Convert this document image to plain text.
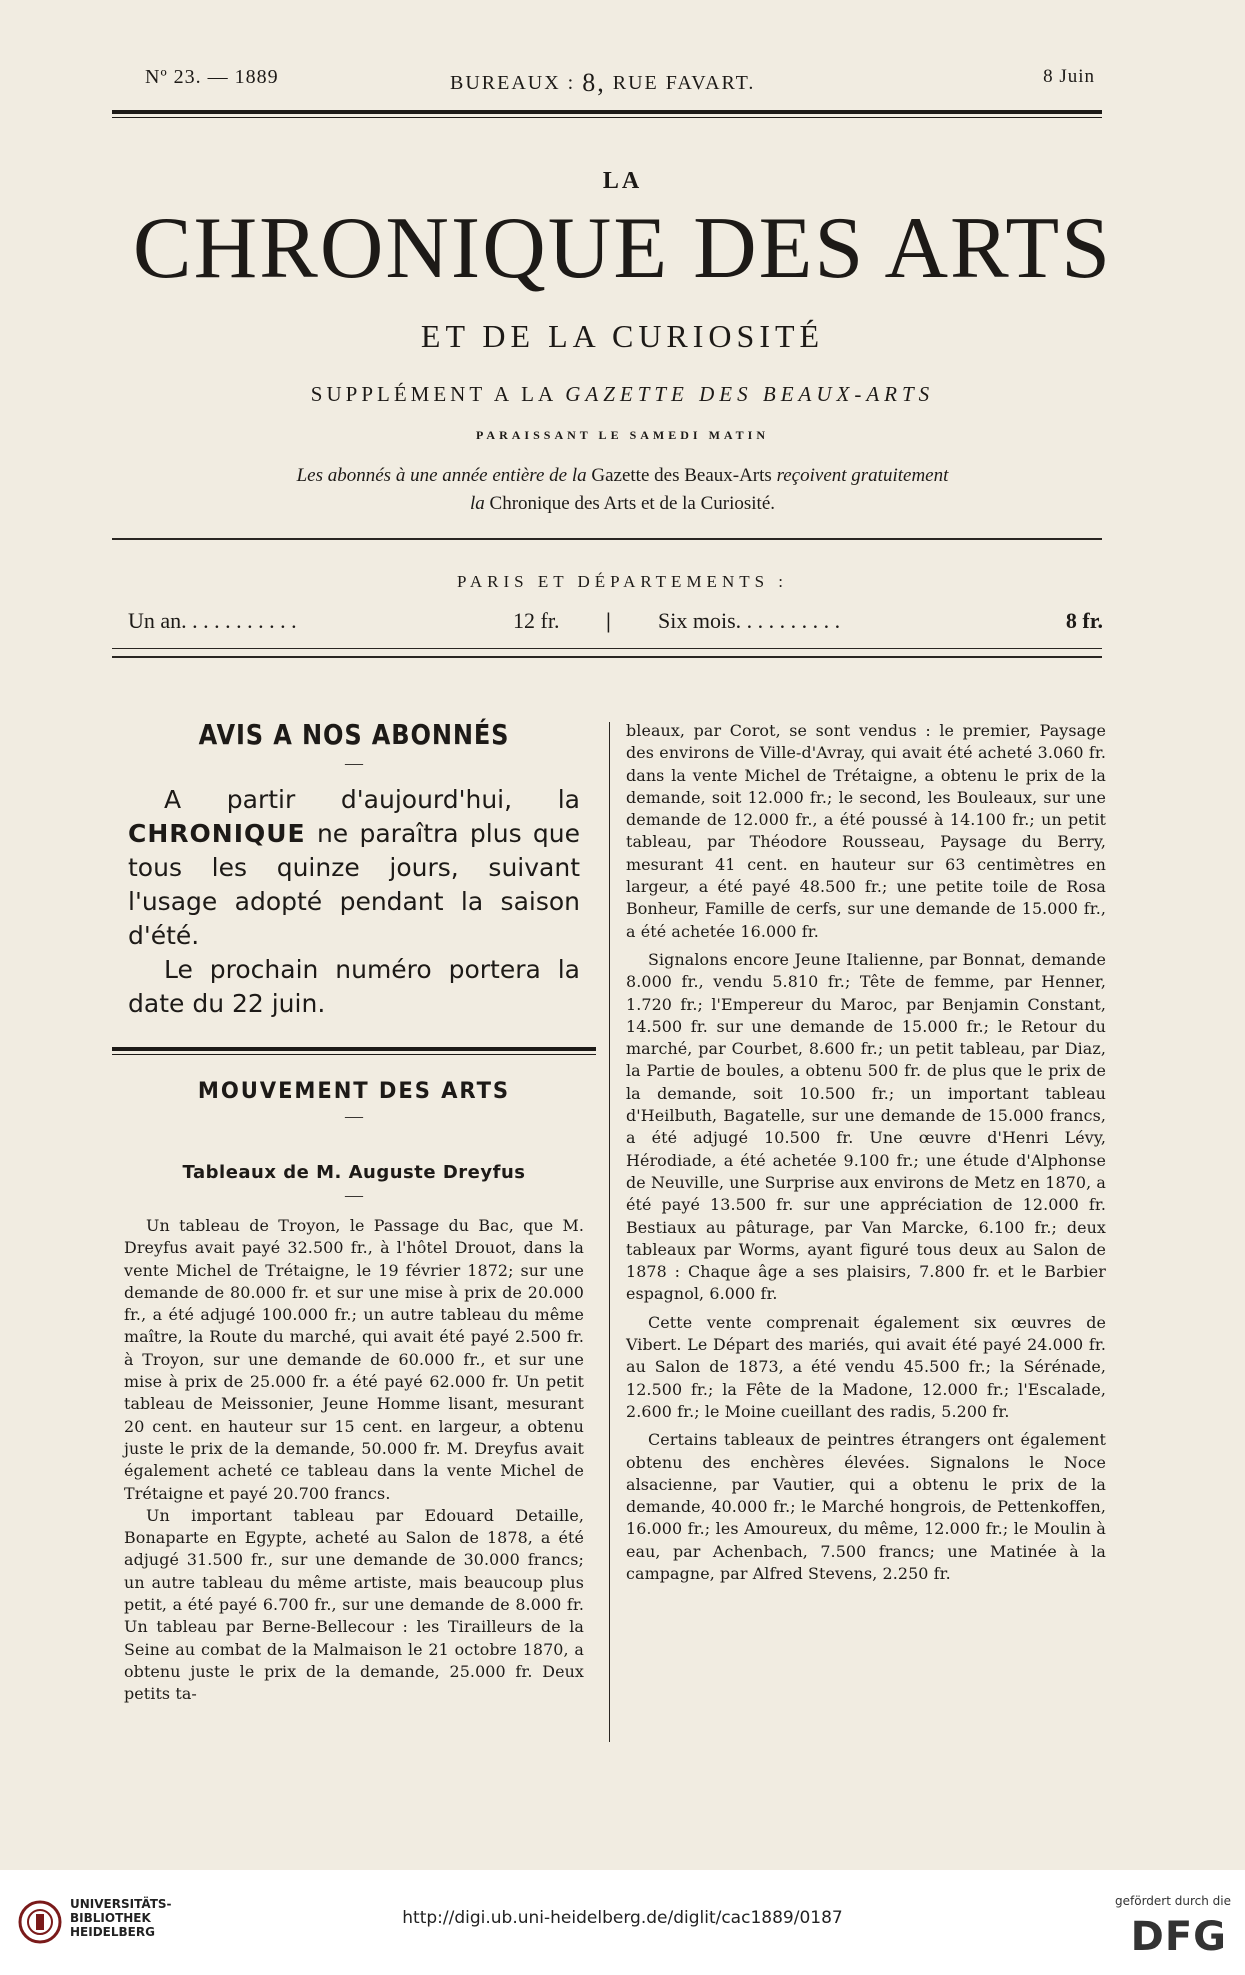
Nº 23. — 1889	BUREAUX : 8, RUE FAVART.	8 Juin
LA
CHRONIQUE DES ARTS
ET DE LA CURIOSITÉ
SUPPLÉMENT A LA GAZETTE DES BEAUX-ARTS
PARAISSANT LE SAMEDI MATIN
Les abonnés à une année entière de la Gazette des Beaux-Arts reçoivent gratuitement
la Chronique des Arts et de la Curiosité.
PARIS ET DÉPARTEMENTS :
Un an. . . . . . . . . . .	12 fr. | Six mois. . . . . . . . . .	8 fr.
AVIS A NOS ABONNÉS
—

A partir d'aujourd'hui, la CHRONIQUE ne paraîtra plus que tous les quinze jours, suivant l'usage adopté pendant la saison d'été.

Le prochain numéro portera la date du 22 juin.

MOUVEMENT DES ARTS
—
Tableaux de M. Auguste Dreyfus
—

Un tableau de Troyon, le Passage du Bac, que M. Dreyfus avait payé 32.500 fr., à l'hôtel Drouot, dans la vente Michel de Trétaigne, le 19 février 1872; sur une demande de 80.000 fr. et sur une mise à prix de 20.000 fr., a été adjugé 100.000 fr.; un autre tableau du même maître, la Route du marché, qui avait été payé 2.500 fr. à Troyon, sur une demande de 60.000 fr., et sur une mise à prix de 25.000 fr. a été payé 62.000 fr. Un petit tableau de Meissonier, Jeune Homme lisant, mesurant 20 cent. en hauteur sur 15 cent. en largeur, a obtenu juste le prix de la demande, 50.000 fr. M. Dreyfus avait également acheté ce tableau dans la vente Michel de Trétaigne et payé 20.700 francs.

Un important tableau par Edouard Detaille, Bonaparte en Egypte, acheté au Salon de 1878, a été adjugé 31.500 fr., sur une demande de 30.000 francs; un autre tableau du même artiste, mais beaucoup plus petit, a été payé 6.700 fr., sur une demande de 8.000 fr. Un tableau par Berne-Bellecour : les Tirailleurs de la Seine au combat de la Malmaison le 21 octobre 1870, a obtenu juste le prix de la demande, 25.000 fr. Deux petits ta-

bleaux, par Corot, se sont vendus : le premier, Paysage des environs de Ville-d'Avray, qui avait été acheté 3.060 fr. dans la vente Michel de Trétaigne, a obtenu le prix de la demande, soit 12.000 fr.; le second, les Bouleaux, sur une demande de 12.000 fr., a été poussé à 14.100 fr.; un petit tableau, par Théodore Rousseau, Paysage du Berry, mesurant 41 cent. en hauteur sur 63 centimètres en largeur, a été payé 48.500 fr.; une petite toile de Rosa Bonheur, Famille de cerfs, sur une demande de 15.000 fr., a été achetée 16.000 fr.

Signalons encore Jeune Italienne, par Bonnat, demande 8.000 fr., vendu 5.810 fr.; Tête de femme, par Henner, 1.720 fr.; l'Empereur du Maroc, par Benjamin Constant, 14.500 fr. sur une demande de 15.000 fr.; le Retour du marché, par Courbet, 8.600 fr.; un petit tableau, par Diaz, la Partie de boules, a obtenu 500 fr. de plus que le prix de la demande, soit 10.500 fr.; un important tableau d'Heilbuth, Bagatelle, sur une demande de 15.000 francs, a été adjugé 10.500 fr. Une œuvre d'Henri Lévy, Hérodiade, a été achetée 9.100 fr.; une étude d'Alphonse de Neuville, une Surprise aux environs de Metz en 1870, a été payé 13.500 fr. sur une appréciation de 12.000 fr. Bestiaux au pâturage, par Van Marcke, 6.100 fr.; deux tableaux par Worms, ayant figuré tous deux au Salon de 1878 : Chaque âge a ses plaisirs, 7.800 fr. et le Barbier espagnol, 6.000 fr.

Cette vente comprenait également six œuvres de Vibert. Le Départ des mariés, qui avait été payé 24.000 fr. au Salon de 1873, a été vendu 45.500 fr.; la Sérénade, 12.500 fr.; la Fête de la Madone, 12.000 fr.; l'Escalade, 2.600 fr.; le Moine cueillant des radis, 5.200 fr.

Certains tableaux de peintres étrangers ont également obtenu des enchères élevées. Signalons le Noce alsacienne, par Vautier, qui a obtenu le prix de la demande, 40.000 fr.; le Marché hongrois, de Pettenkoffen, 16.000 fr.; les Amoureux, du même, 12.000 fr.; le Moulin à eau, par Achenbach, 7.500 francs; une Matinée à la campagne, par Alfred Stevens, 2.250 fr.

UNIVERSITÄTS-
BIBLIOTHEK
HEIDELBERG
http://digi.ub.uni-heidelberg.de/diglit/cac1889/0187
gefördert durch die
DFG
